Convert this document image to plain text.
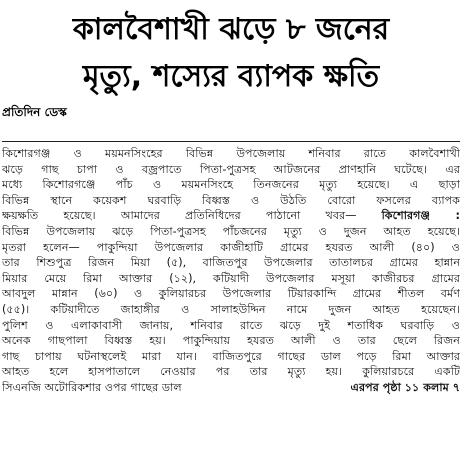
কালবৈশাখী ঝড়ে ৮ জনের
মৃত্যু, শস্যের ব্যাপক ক্ষতি
প্রতিদিন ডেস্ক
কিশোরগঞ্জ ও ময়মনসিংহের বিভিন্ন উপজেলায় শনিবার রাতে কালবৈশাখী
ঝড়ে গাছ চাপা ও বজ্রপাতে পিতা-পুত্রসহ আটজনের প্রাণহানি ঘটেছে। এর
মধ্যে কিশোরগঞ্জে পাঁচ ও ময়মনসিংহে তিনজনের মৃত্যু হয়েছে। এ ছাড়া
বিভিন্ন স্থানে কয়েকশ ঘরবাড়ি বিধ্বস্ত ও উঠতি বোরো ফসলের ব্যাপক
ক্ষয়ক্ষতি হয়েছে। আমাদের প্রতিনিধিদের পাঠানো খবর— কিশোরগঞ্জ :
বিভিন্ন উপজেলায় ঝড়ে পিতা-পুত্রসহ পাঁচজনের মৃত্যু ও দুজন আহত হয়েছে।
মৃতরা হলেন— পাকুন্দিয়া উপজেলার কাজীহাটি গ্রামের হযরত আলী (৪০) ও
তার শিশুপুত্র রিজন মিয়া (৫), বাজিতপুর উপজেলার তাতালচর গ্রামের হান্নান
মিয়ার মেয়ে রিমা আক্তার (১২), কটিয়াদী উপজেলার মসূয়া কাজীরচর গ্রামের
আবদুল মান্নান (৬০) ও কুলিয়ারচর উপজেলার টিয়ারকান্দি গ্রামের শীতল বর্মণ
(৫৫)। কটিয়াদীতে জাহাঙ্গীর ও সালাহউদ্দিন নামে দুজন আহত হয়েছেন।
পুলিশ ও এলাকাবাসী জানায়, শনিবার রাতে ঝড়ে দুই শতাধিক ঘরবাড়ি ও
অনেক গাছপালা বিধ্বস্ত হয়। পাকুন্দিয়ায় হযরত আলী ও তার ছেলে রিজন
গাছ চাপায় ঘটনাস্থলেই মারা যান। বাজিতপুরে গাছের ডাল পড়ে রিমা আক্তার
আহত হলে হাসপাতালে নেওয়ার পর তার মৃত্যু হয়। কুলিয়ারচরে একটি
সিএনজি অটোরিকশার ওপর গাছের ডাল	এরপর পৃষ্ঠা ১১ কলাম ৭
